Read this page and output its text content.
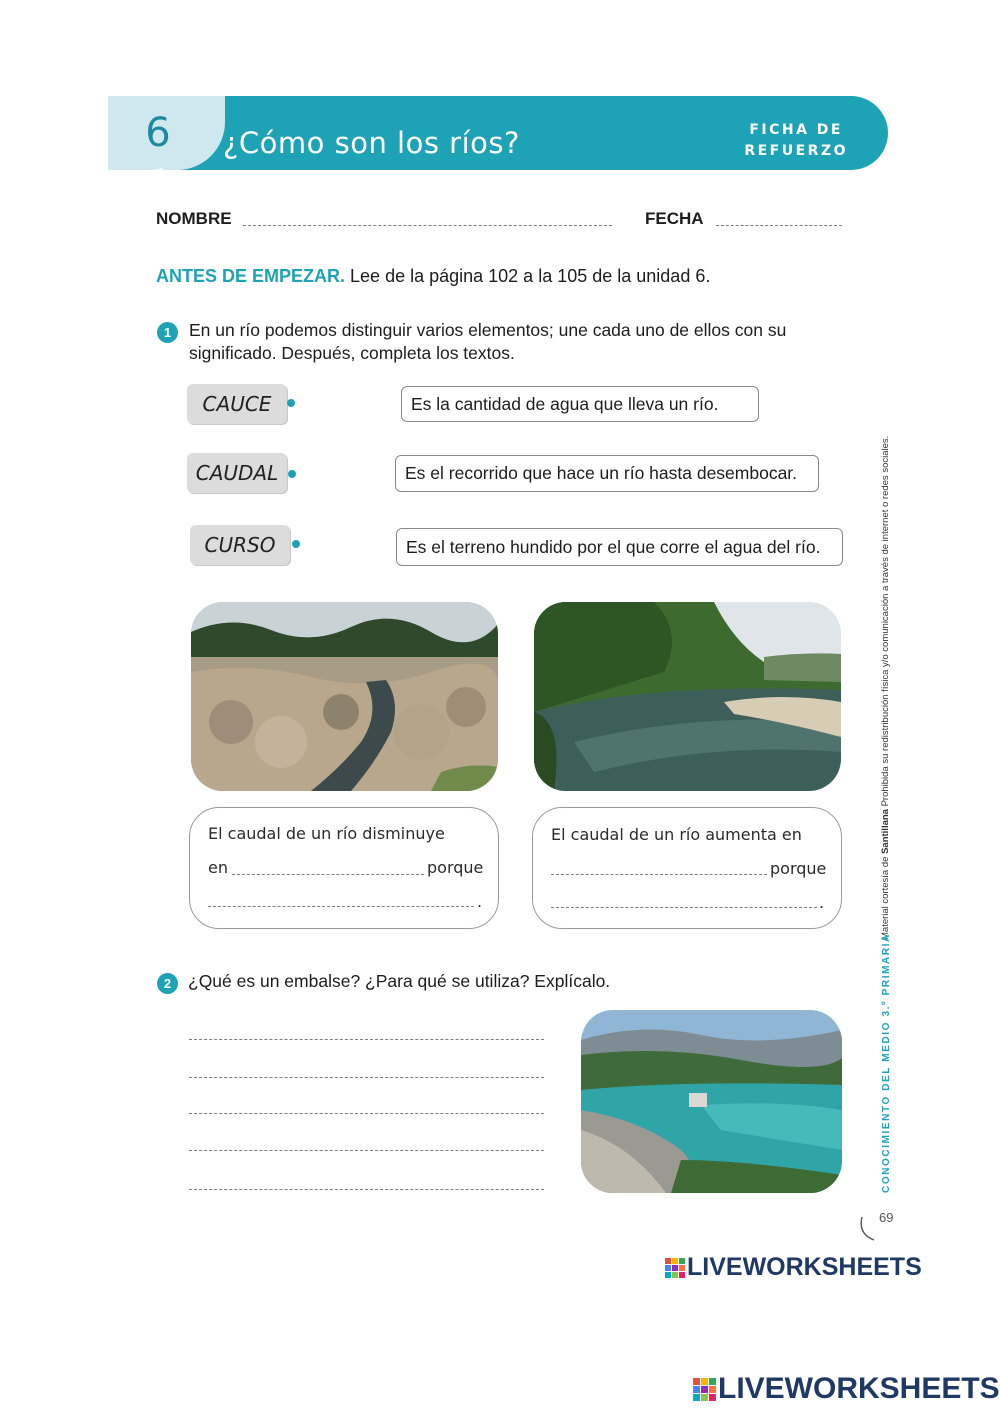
6 ¿Cómo son los ríos?	FICHA DE
REFUERZO
NOMBRE	FECHA
ANTES DE EMPEZAR. Lee de la página 102 a la 105 de la unidad 6.
1	En un río podemos distinguir varios elementos; une cada uno de ellos con su
significado. Después, completa los textos.
CAUCE
CAUDAL
CURSO
Es la cantidad de agua que lleva un río.
Es el recorrido que hace un río hasta desembocar.
Es el terreno hundido por el que corre el agua del río.
El caudal de un río disminuye
en	porque
.
El caudal de un río aumenta en
porque
.
2 ¿Qué es un embalse? ¿Para qué se utiliza? Explícalo.
Material cortesía de Santillana Prohibida su redistribución física y/o comunicación a través de internet o redes sociales.
CONOCIMIENTO DEL MEDIO 3.º PRIMARIA
69
LIVEWORKSHEETS
LIVEWORKSHEETS
